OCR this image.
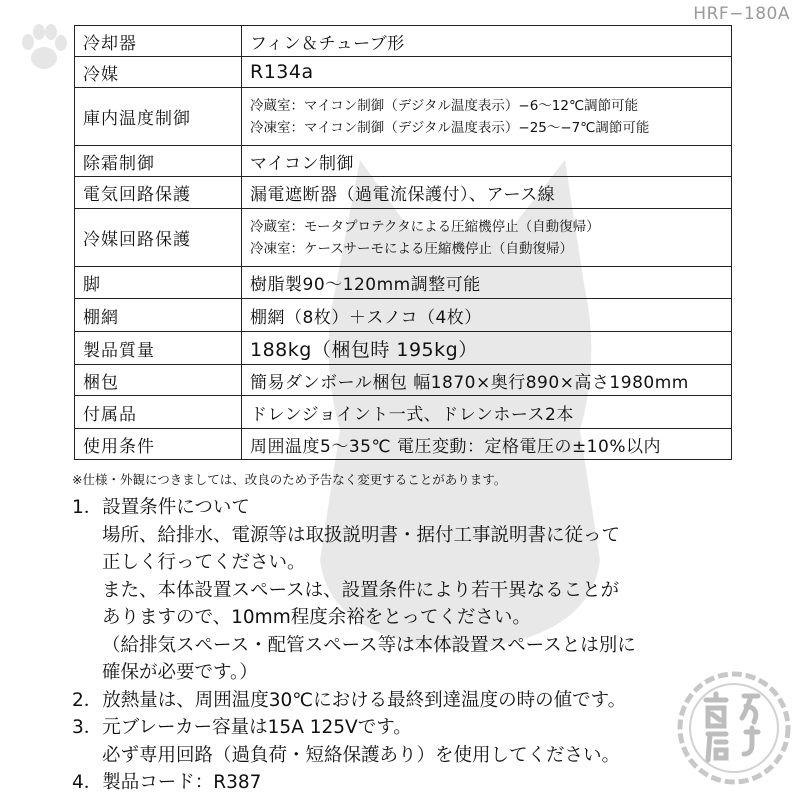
HRF−180A
冷却器	フィン＆チューブ形
冷媒	R134a
庫内温度制御	冷蔵室：マイコン制御（デジタル温度表示）−6〜12℃調節可能
冷凍室：マイコン制御（デジタル温度表示）−25〜−7℃調節可能

除霜制御	マイコン制御
電気回路保護	漏電遮断器（過電流保護付）、アース線
冷媒回路保護	冷蔵室：モータプロテクタによる圧縮機停止（自動復帰）
冷凍室：ケースサーモによる圧縮機停止（自動復帰）

脚	樹脂製90〜120mm調整可能
棚網	棚網（8枚）＋スノコ（4枚）
製品質量	188kg（梱包時 195kg）
梱包	簡易ダンボール梱包 幅1870×奥行890×高さ1980mm
付属品	ドレンジョイント一式、ドレンホース2本
使用条件	周囲温度5〜35℃ 電圧変動：定格電圧の±10%以内
※仕様・外観につきましては、改良のため予告なく変更することがあります。
1．設置条件について
場所、給排水、電源等は取扱説明書・据付工事説明書に従って
正しく行ってください。
また、本体設置スペースは、設置条件により若干異なることが
ありますので、10mm程度余裕をとってください。
（給排気スペース・配管スペース等は本体設置スペースとは別に
確保が必要です。）
2．放熱量は、周囲温度30℃における最終到達温度の時の値です。
3．元ブレーカー容量は15A 125Vです。
必ず専用回路（過負荷・短絡保護あり）を使用してください。
4．製品コード：R387
